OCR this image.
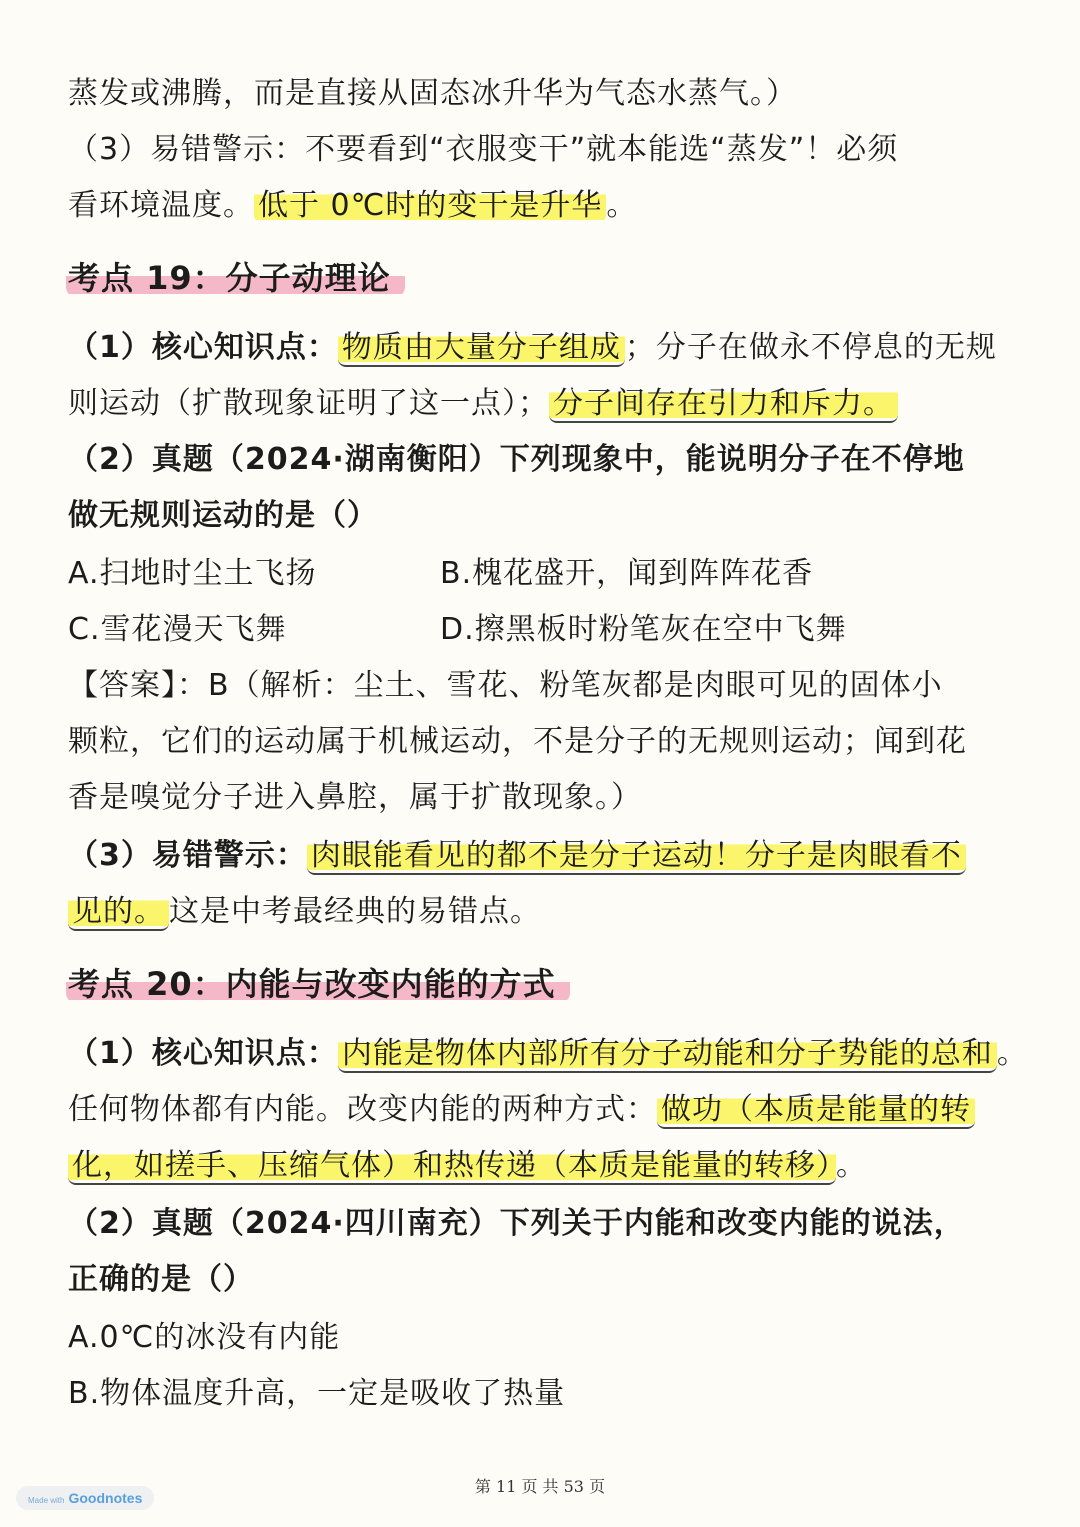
蒸发或沸腾，而是直接从固态冰升华为气态水蒸气。）
（3）易错警示：不要看到“衣服变干”就本能选“蒸发”！必须
看环境温度。 低于 0℃时的变干是升华 。
考点 19：分子动理论
（1）核心知识点： 物质由大量分子组成 ；分子在做永不停息的无规
则运动（扩散现象证明了这一点）； 分子间存在引力和斥力。
（2）真题（2024·湖南衡阳）下列现象中，能说明分子在不停地
做无规则运动的是（）
A.扫地时尘土飞扬	B.槐花盛开，闻到阵阵花香
C.雪花漫天飞舞	D.擦黑板时粉笔灰在空中飞舞
【答案】：B（解析：尘土、雪花、粉笔灰都是肉眼可见的固体小
颗粒，它们的运动属于机械运动，不是分子的无规则运动；闻到花
香是嗅觉分子进入鼻腔，属于扩散现象。）
（3）易错警示： 肉眼能看见的都不是分子运动！分子是肉眼看不
见的。 这是中考最经典的易错点。
考点 20：内能与改变内能的方式
（1）核心知识点： 内能是物体内部所有分子动能和分子势能的总和 。
任何物体都有内能。改变内能的两种方式： 做功（本质是能量的转
化，如搓手、压缩气体）和热传递（本质是能量的转移） 。
（2）真题（2024·四川南充）下列关于内能和改变内能的说法，
正确的是（）
A.0℃的冰没有内能
B.物体温度升高，一定是吸收了热量
第 11 页 共 53 页
Made with Goodnotes
